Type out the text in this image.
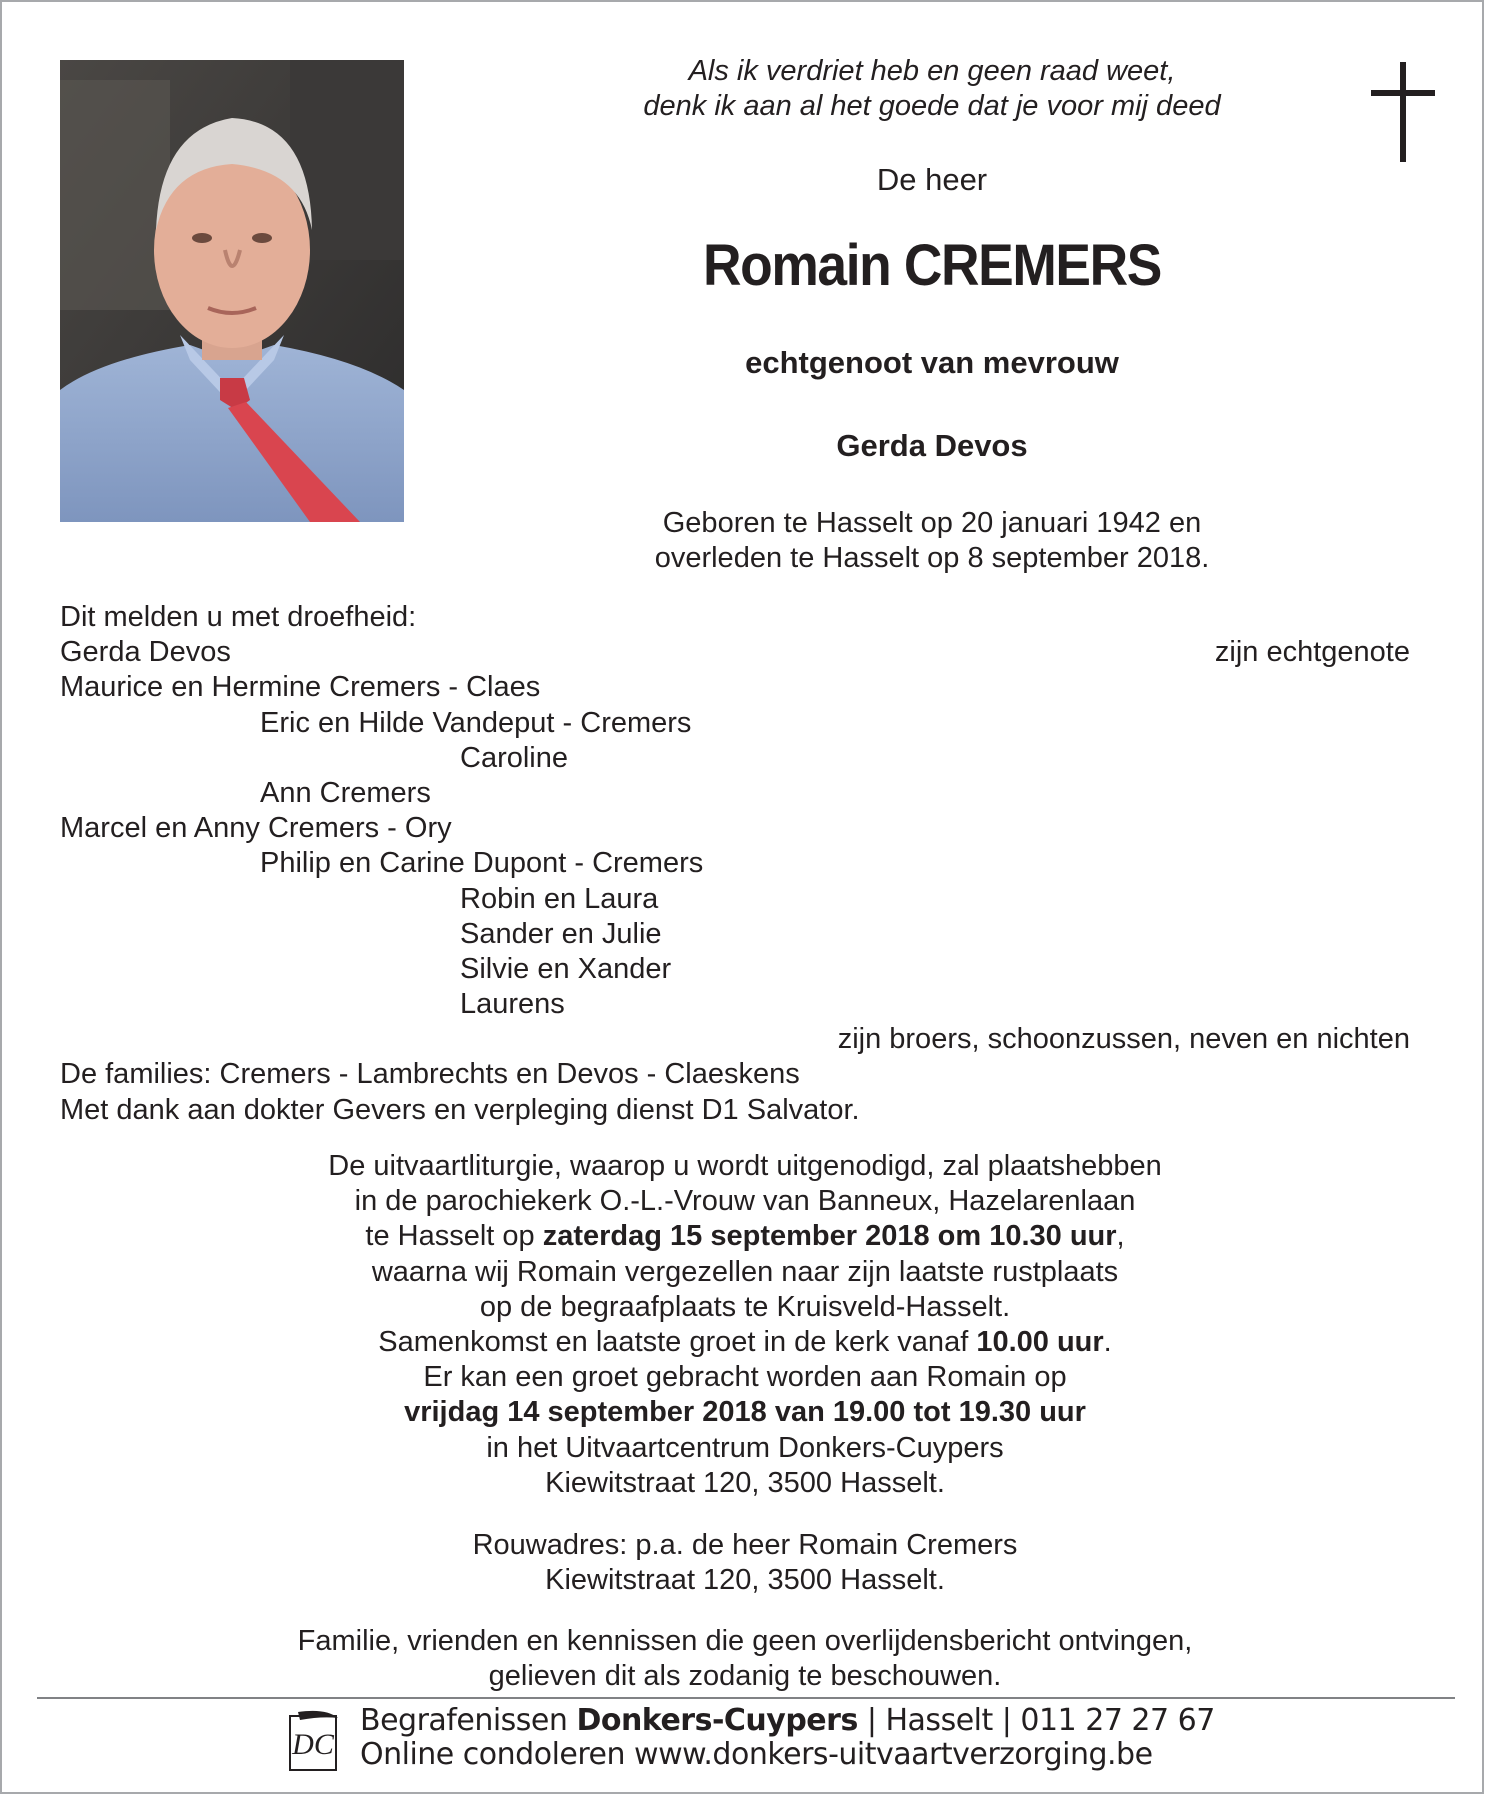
Als ik verdriet heb en geen raad weet,
denk ik aan al het goede dat je voor mij deed
De heer
Romain CREMERS
echtgenoot van mevrouw
Gerda Devos
Geboren te Hasselt op 20 januari 1942 en
overleden te Hasselt op 8 september 2018.
Dit melden u met droefheid:
Gerda Devos	zijn echtgenote
Maurice en Hermine Cremers - Claes
Eric en Hilde Vandeput - Cremers
Caroline
Ann Cremers
Marcel en Anny Cremers - Ory
Philip en Carine Dupont - Cremers
Robin en Laura
Sander en Julie
Silvie en Xander
Laurens
zijn broers, schoonzussen, neven en nichten
De families: Cremers - Lambrechts en Devos - Claeskens
Met dank aan dokter Gevers en verpleging dienst D1 Salvator.
De uitvaartliturgie, waarop u wordt uitgenodigd, zal plaatshebben
in de parochiekerk O.-L.-Vrouw van Banneux, Hazelarenlaan
te Hasselt op zaterdag 15 september 2018 om 10.30 uur,
waarna wij Romain vergezellen naar zijn laatste rustplaats
op de begraafplaats te Kruisveld-Hasselt.
Samenkomst en laatste groet in de kerk vanaf 10.00 uur.
Er kan een groet gebracht worden aan Romain op
vrijdag 14 september 2018 van 19.00 tot 19.30 uur
in het Uitvaartcentrum Donkers-Cuypers
Kiewitstraat 120, 3500 Hasselt.
Rouwadres: p.a. de heer Romain Cremers
Kiewitstraat 120, 3500 Hasselt.
Familie, vrienden en kennissen die geen overlijdensbericht ontvingen,
gelieven dit als zodanig te beschouwen.
DC
Begrafenissen Donkers-Cuypers | Hasselt | 011 27 27 67
Online condoleren www.donkers-uitvaartverzorging.be
